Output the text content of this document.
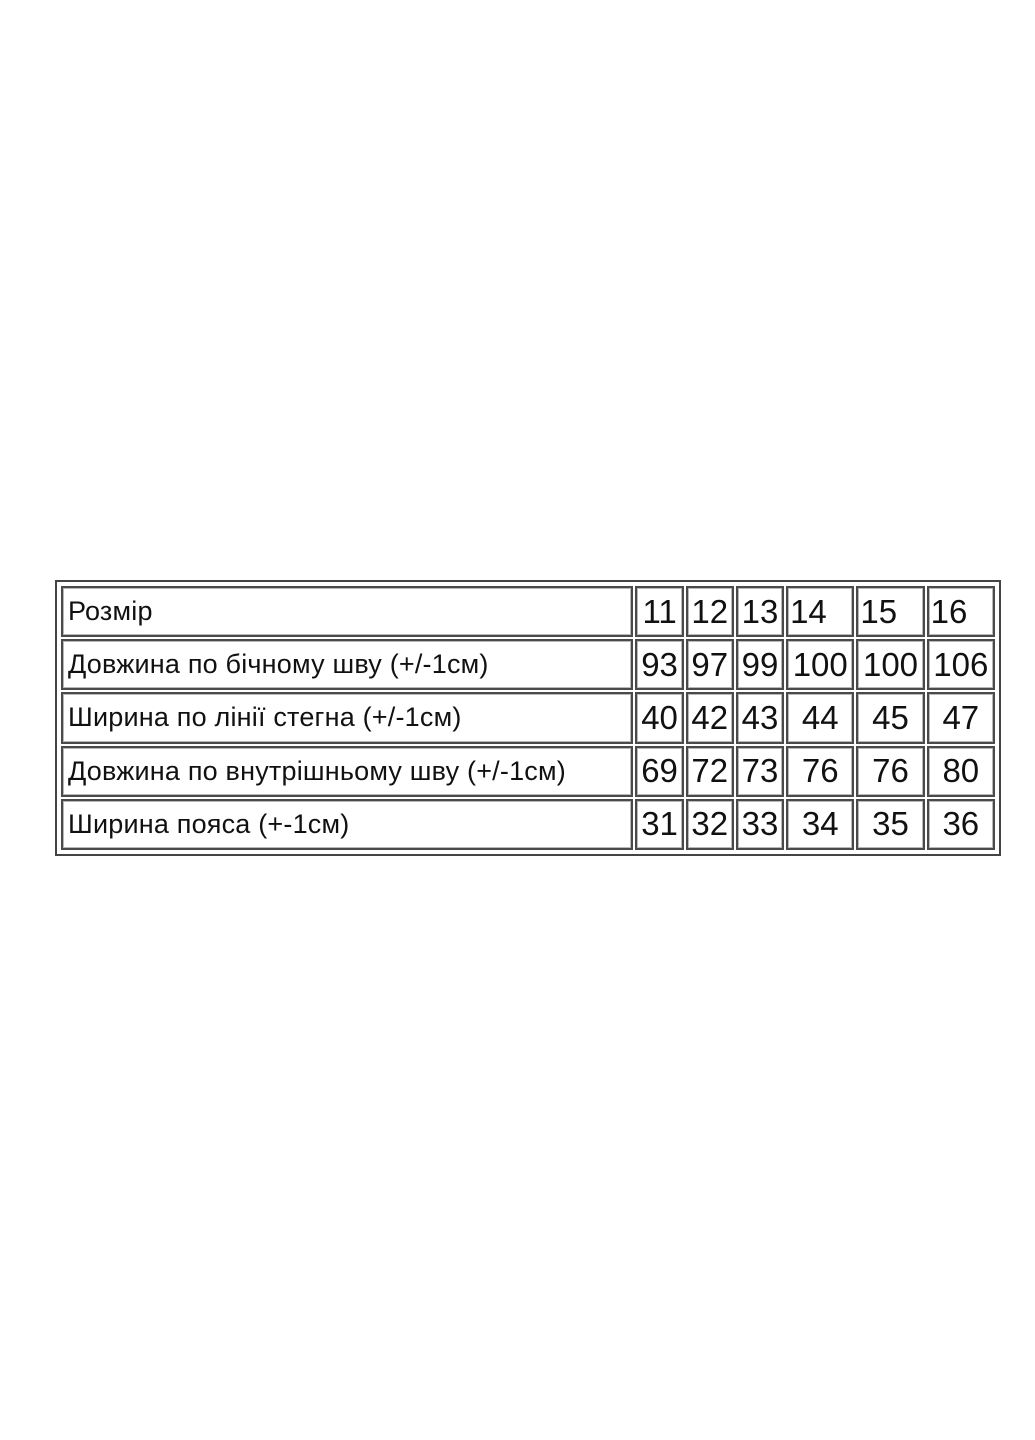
Розмір	11	12	13	14	15	16
Довжина по бічному шву (+/-1см)	93	97	99	100	100	106
Ширина по лінії стегна (+/-1см)	40	42	43	44	45	47
Довжина по внутрішньому шву (+/-1см)	69	72	73	76	76	80
Ширина пояса (+-1см)	31	32	33	34	35	36
